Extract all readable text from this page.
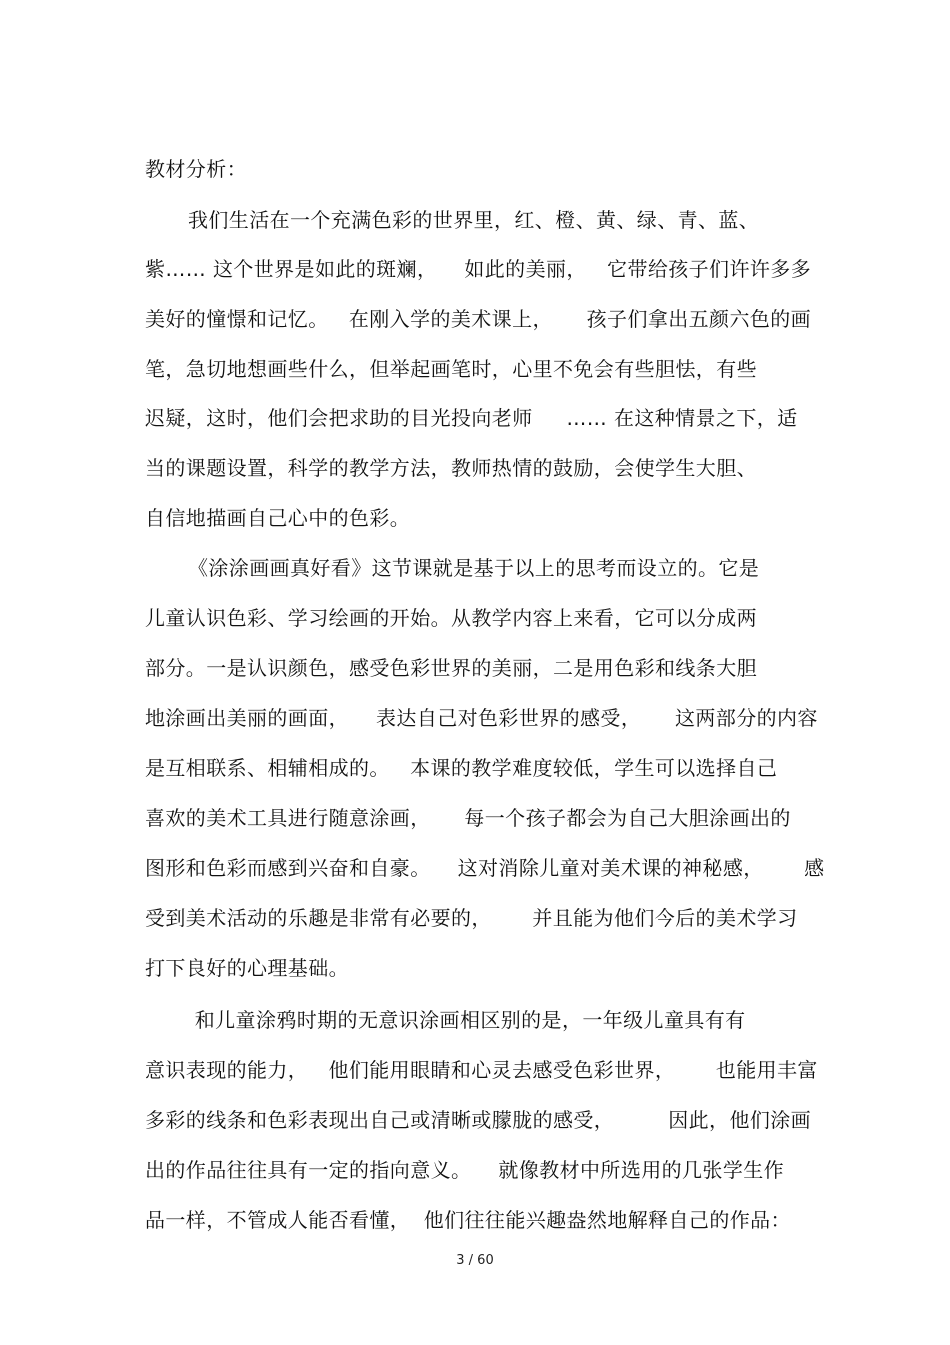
教材分析：
我们生活在一个充满色彩的世界里，红、橙、黄、绿、青、蓝、
紫…… 这个世界是如此的斑斓，    如此的美丽，   它带给孩子们许许多多
美好的憧憬和记忆。   在刚入学的美术课上，     孩子们拿出五颜六色的画
笔，急切地想画些什么，但举起画笔时，心里不免会有些胆怯，有些
迟疑，这时，他们会把求助的目光投向老师     …… 在这种情景之下，适
当的课题设置，科学的教学方法，教师热情的鼓励，会使学生大胆、
自信地描画自己心中的色彩。
《涂涂画画真好看》这节课就是基于以上的思考而设立的。它是
儿童认识色彩、学习绘画的开始。从教学内容上来看，它可以分成两
部分。一是认识颜色，感受色彩世界的美丽，二是用色彩和线条大胆
地涂画出美丽的画面，    表达自己对色彩世界的感受，     这两部分的内容
是互相联系、相辅相成的。   本课的教学难度较低，学生可以选择自己
喜欢的美术工具进行随意涂画，     每一个孩子都会为自己大胆涂画出的
图形和色彩而感到兴奋和自豪。    这对消除儿童对美术课的神秘感，      感
受到美术活动的乐趣是非常有必要的，      并且能为他们今后的美术学习
打下良好的心理基础。
和儿童涂鸦时期的无意识涂画相区别的是，一年级儿童具有有
意识表现的能力，   他们能用眼睛和心灵去感受色彩世界，      也能用丰富
多彩的线条和色彩表现出自己或清晰或朦胧的感受，        因此，他们涂画
出的作品往往具有一定的指向意义。    就像教材中所选用的几张学生作
品一样，不管成人能否看懂，  他们往往能兴趣盎然地解释自己的作品：
3 / 60
